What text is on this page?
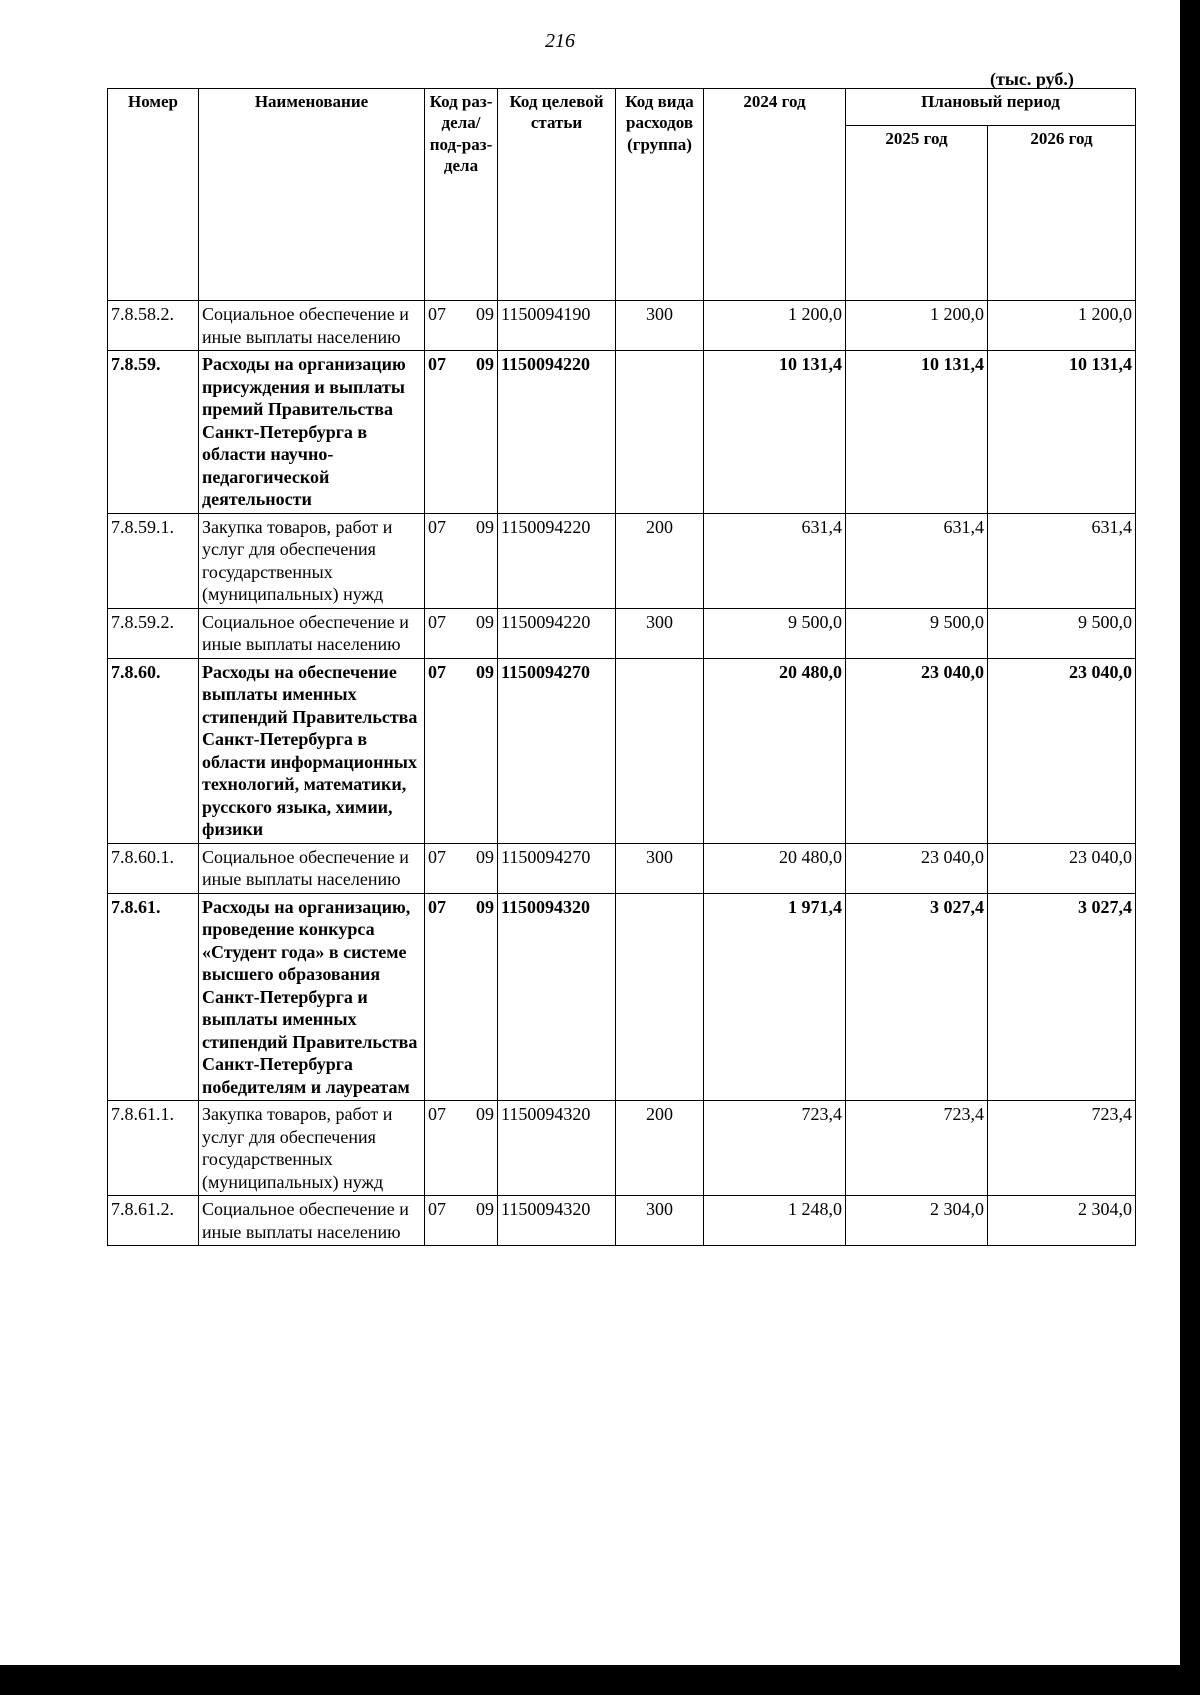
216
(тыс. руб.)
Номер	Наименование	Код раз-дела/ под-раз-дела	Код целевой статьи	Код вида расходов (группа)	2024 год	Плановый период	
						2025 год	2026 год
7.8.58.2.	Социальное обеспечение и иные выплаты населению	07 09	1150094190	300	1 200,0	1 200,0	1 200,0
7.8.59.	Расходы на организацию присуждения и выплаты премий Правительства Санкт-Петербурга в области научно-педагогической деятельности	07 09	1150094220		10 131,4	10 131,4	10 131,4
7.8.59.1.	Закупка товаров, работ и услуг для обеспечения государственных (муниципальных) нужд	07 09	1150094220	200	631,4	631,4	631,4
7.8.59.2.	Социальное обеспечение и иные выплаты населению	07 09	1150094220	300	9 500,0	9 500,0	9 500,0
7.8.60.	Расходы на обеспечение выплаты именных стипендий Правительства Санкт-Петербурга в области информационных технологий, математики, русского языка, химии, физики	07 09	1150094270		20 480,0	23 040,0	23 040,0
7.8.60.1.	Социальное обеспечение и иные выплаты населению	07 09	1150094270	300	20 480,0	23 040,0	23 040,0
7.8.61.	Расходы на организацию, проведение конкурса «Студент года» в системе высшего образования Санкт-Петербурга и выплаты именных стипендий Правительства Санкт-Петербурга победителям и лауреатам	07 09	1150094320		1 971,4	3 027,4	3 027,4
7.8.61.1.	Закупка товаров, работ и услуг для обеспечения государственных (муниципальных) нужд	07 09	1150094320	200	723,4	723,4	723,4
7.8.61.2.	Социальное обеспечение и иные выплаты населению	07 09	1150094320	300	1 248,0	2 304,0	2 304,0
